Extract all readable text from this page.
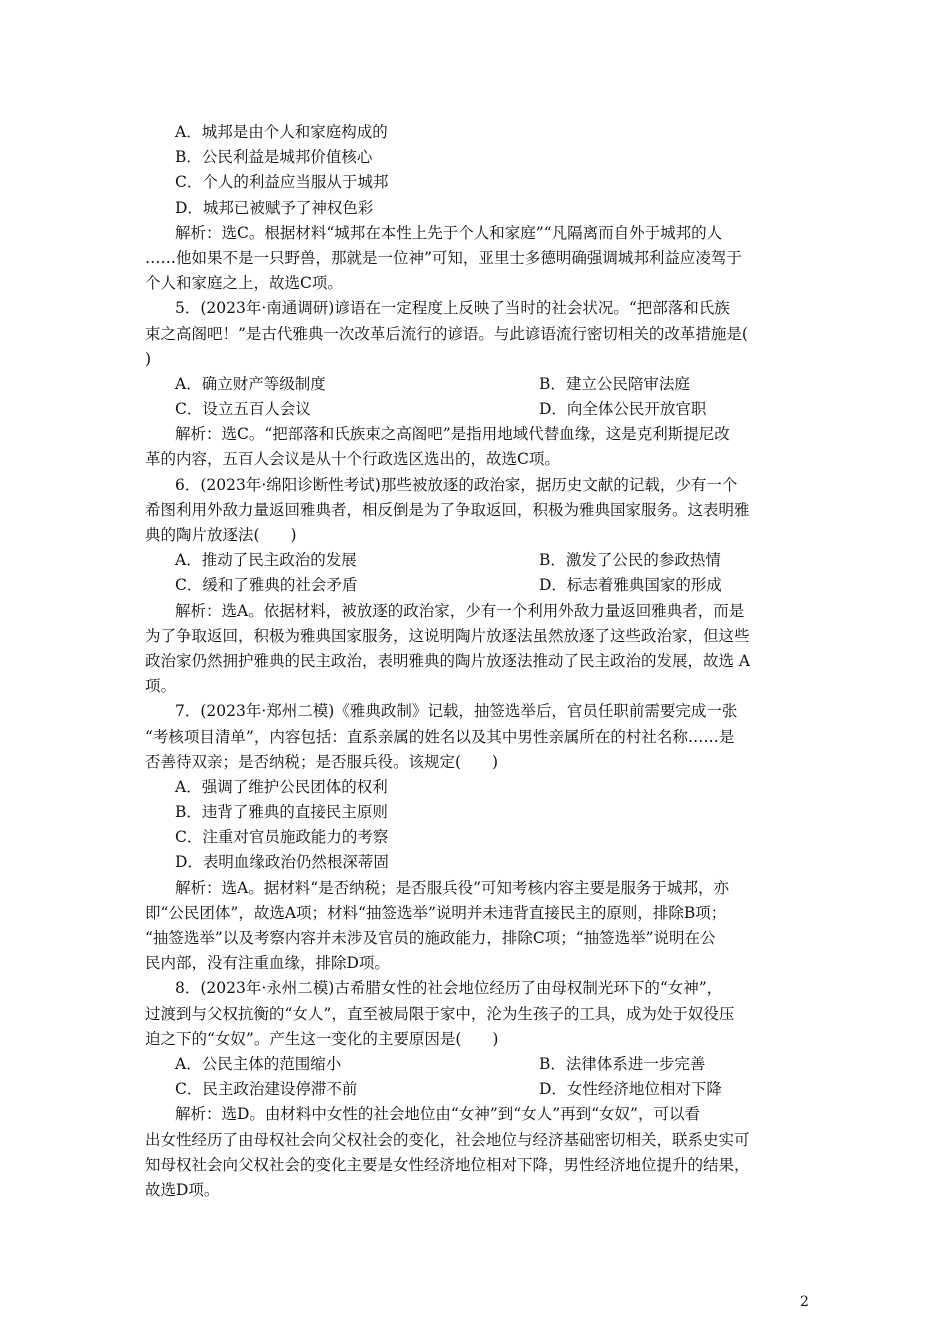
A．城邦是由个人和家庭构成的
B．公民利益是城邦价值核心
C．个人的利益应当服从于城邦
D．城邦已被赋予了神权色彩
解析：选C。根据材料“城邦在本性上先于个人和家庭”“凡隔离而自外于城邦的人
……他如果不是一只野兽，那就是一位神”可知，亚里士多德明确强调城邦利益应凌驾于
个人和家庭之上，故选C项。
5．(2023年·南通调研)谚语在一定程度上反映了当时的社会状况。“把部落和氏族
束之高阁吧！”是古代雅典一次改革后流行的谚语。与此谚语流行密切相关的改革措施是(
)
A．确立财产等级制度	B．建立公民陪审法庭
C．设立五百人会议	D．向全体公民开放官职
解析：选C。“把部落和氏族束之高阁吧”是指用地域代替血缘，这是克利斯提尼改
革的内容，五百人会议是从十个行政选区选出的，故选C项。
6．(2023年·绵阳诊断性考试)那些被放逐的政治家，据历史文献的记载，少有一个
希图利用外敌力量返回雅典者，相反倒是为了争取返回，积极为雅典国家服务。这表明雅
典的陶片放逐法(　　)
A．推动了民主政治的发展	B．激发了公民的参政热情
C．缓和了雅典的社会矛盾	D．标志着雅典国家的形成
解析：选A。依据材料，被放逐的政治家，少有一个利用外敌力量返回雅典者，而是
为了争取返回，积极为雅典国家服务，这说明陶片放逐法虽然放逐了这些政治家，但这些
政治家仍然拥护雅典的民主政治，表明雅典的陶片放逐法推动了民主政治的发展，故选 A
项。
7．(2023年·郑州二模)《雅典政制》记载，抽签选举后，官员任职前需要完成一张
“考核项目清单”，内容包括：直系亲属的姓名以及其中男性亲属所在的村社名称……是
否善待双亲；是否纳税；是否服兵役。该规定(　　)
A．强调了维护公民团体的权利
B．违背了雅典的直接民主原则
C．注重对官员施政能力的考察
D．表明血缘政治仍然根深蒂固
解析：选A。据材料“是否纳税；是否服兵役”可知考核内容主要是服务于城邦，亦
即“公民团体”，故选A项；材料“抽签选举”说明并未违背直接民主的原则，排除B项；
“抽签选举”以及考察内容并未涉及官员的施政能力，排除C项；“抽签选举”说明在公
民内部，没有注重血缘，排除D项。
8．(2023年·永州二模)古希腊女性的社会地位经历了由母权制光环下的“女神”，
过渡到与父权抗衡的“女人”，直至被局限于家中，沦为生孩子的工具，成为处于奴役压
迫之下的“女奴”。产生这一变化的主要原因是(　　)
A．公民主体的范围缩小	B．法律体系进一步完善
C．民主政治建设停滞不前	D．女性经济地位相对下降
解析：选D。由材料中女性的社会地位由“女神”到“女人”再到“女奴”，可以看
出女性经历了由母权社会向父权社会的变化，社会地位与经济基础密切相关，联系史实可
知母权社会向父权社会的变化主要是女性经济地位相对下降，男性经济地位提升的结果，
故选D项。
2
